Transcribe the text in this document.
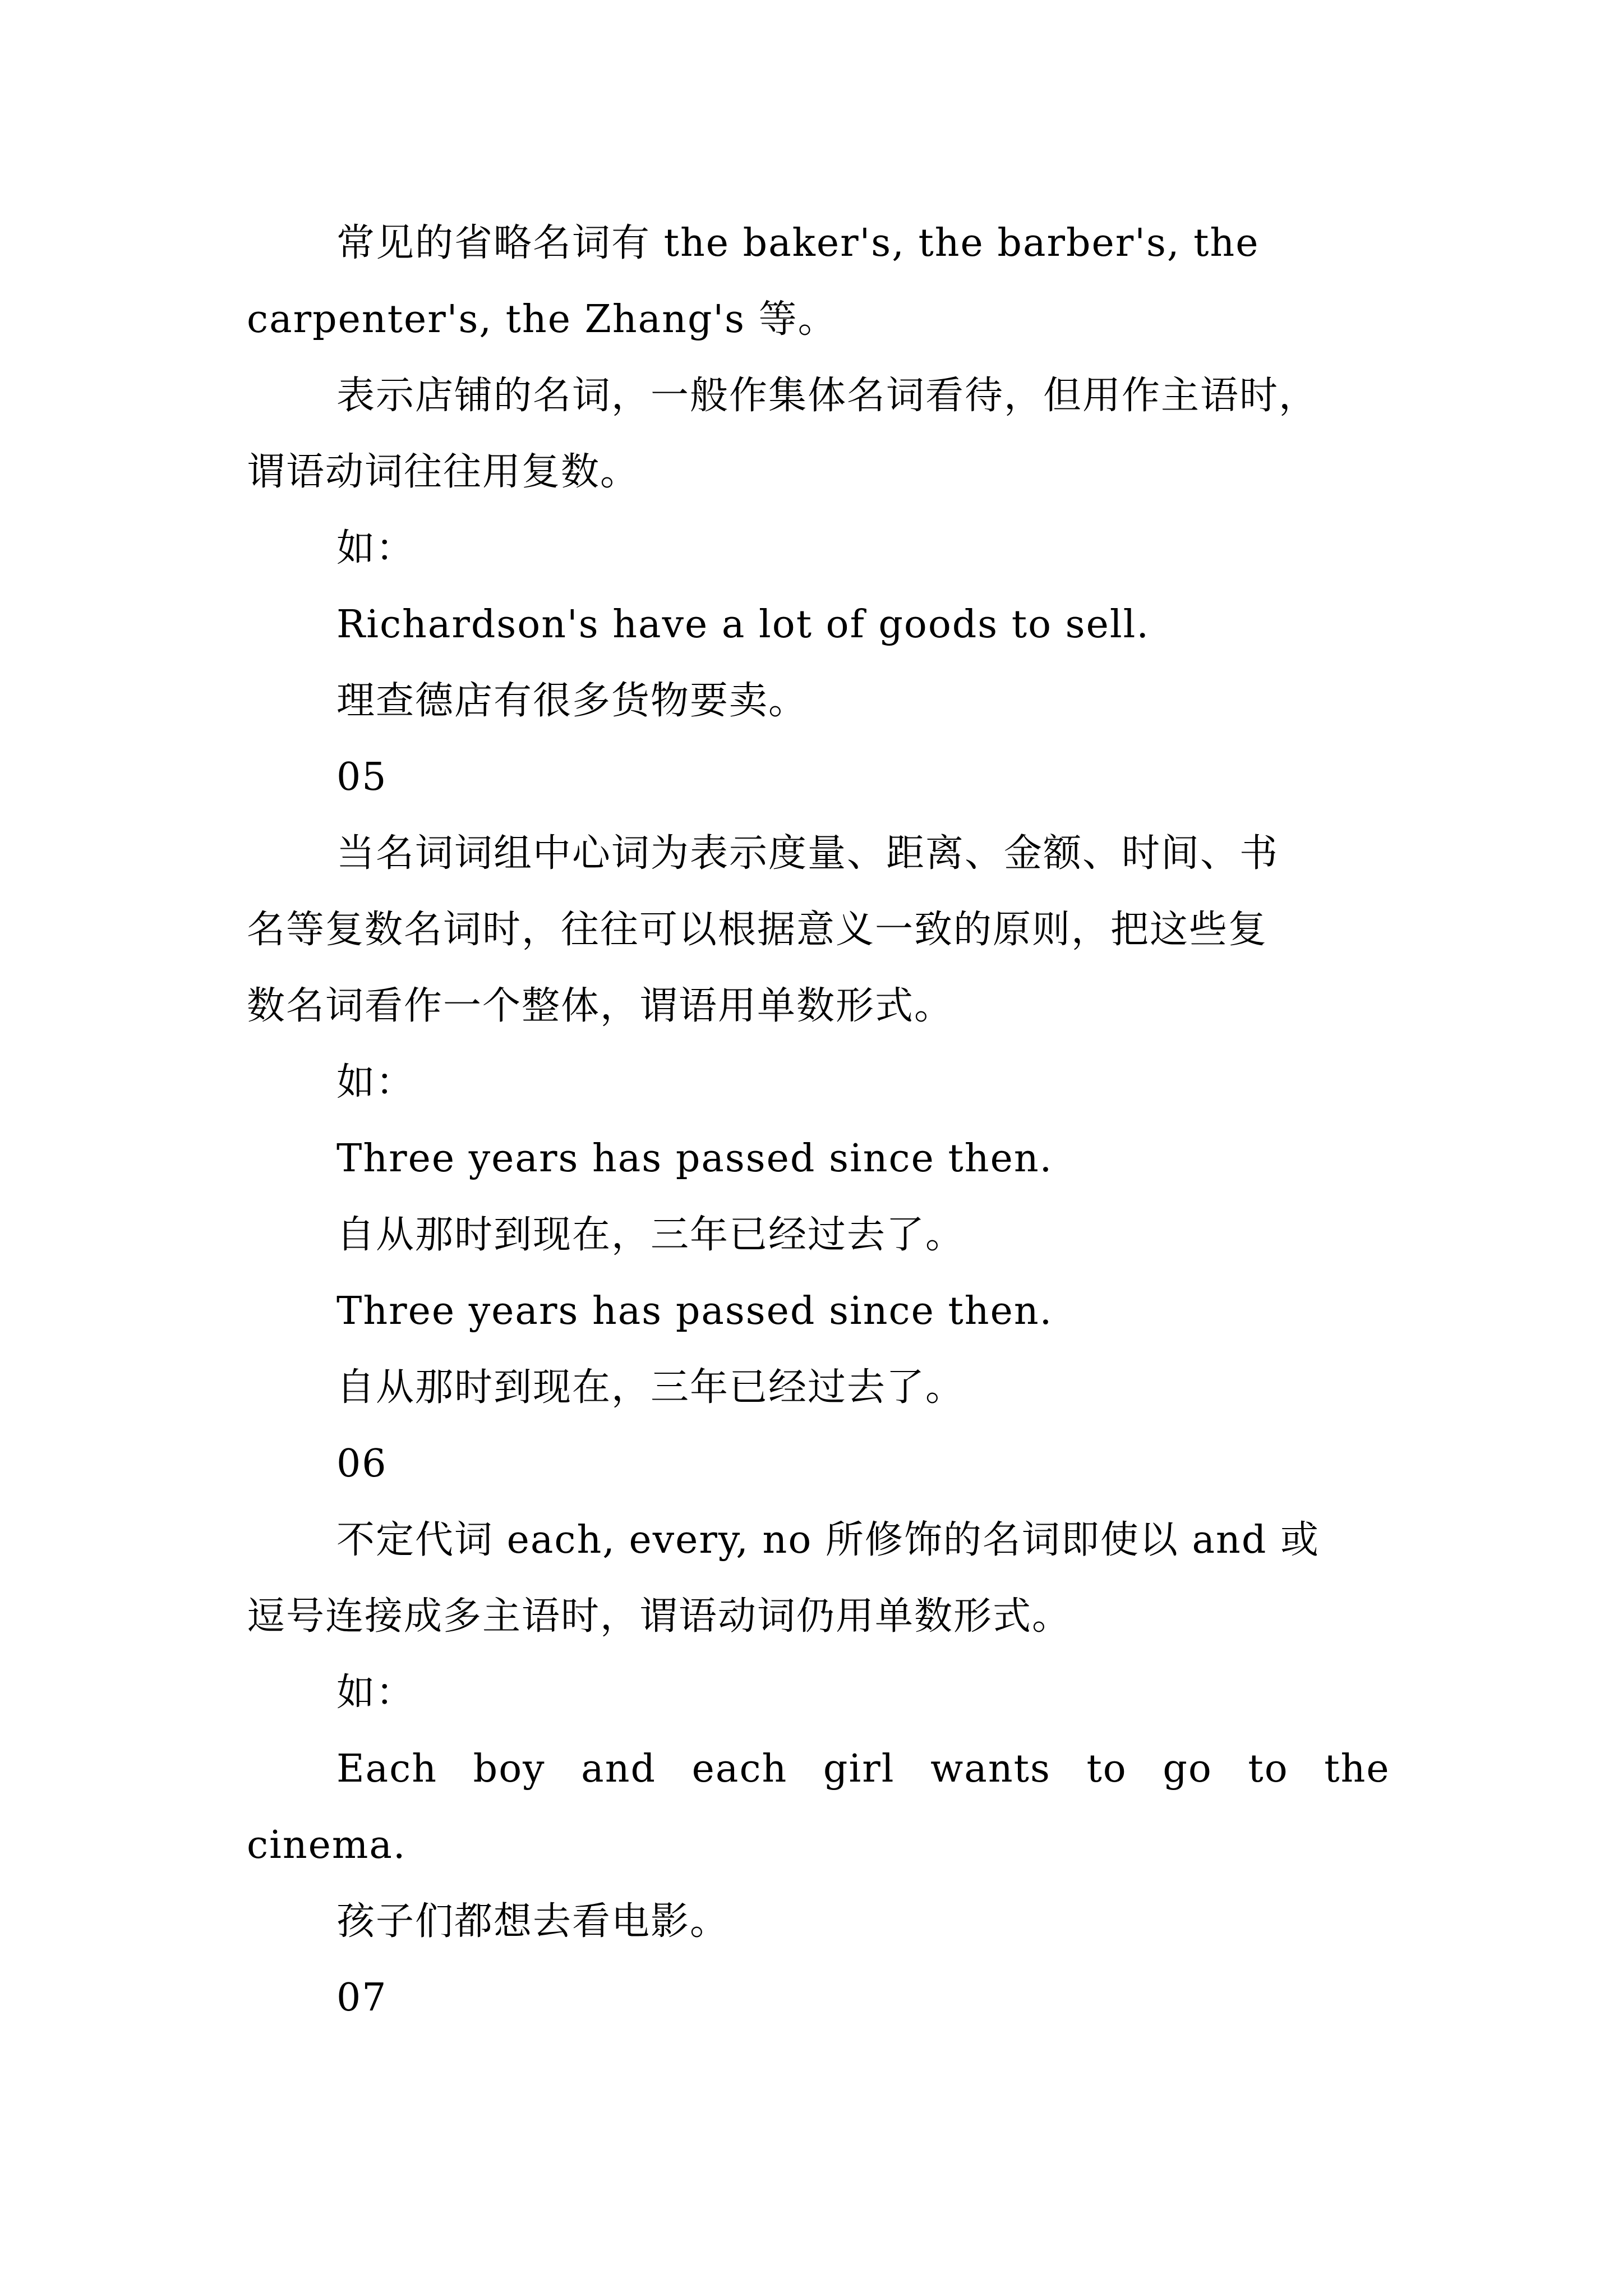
常见的省略名词有 the baker's, the barber's, the
carpenter's, the Zhang's 等。
表示店铺的名词，一般作集体名词看待，但用作主语时，
谓语动词往往用复数。
如：
Richardson's have a lot of goods to sell.
理查德店有很多货物要卖。
05
当名词词组中心词为表示度量、距离、金额、时间、书
名等复数名词时，往往可以根据意义一致的原则，把这些复
数名词看作一个整体，谓语用单数形式。
如：
Three years has passed since then.
自从那时到现在，三年已经过去了。
Three years has passed since then.
自从那时到现在，三年已经过去了。
06
不定代词 each, every, no 所修饰的名词即使以 and 或
逗号连接成多主语时，谓语动词仍用单数形式。
如：
Each boy and each girl wants to go to the
cinema.
孩子们都想去看电影。
07
